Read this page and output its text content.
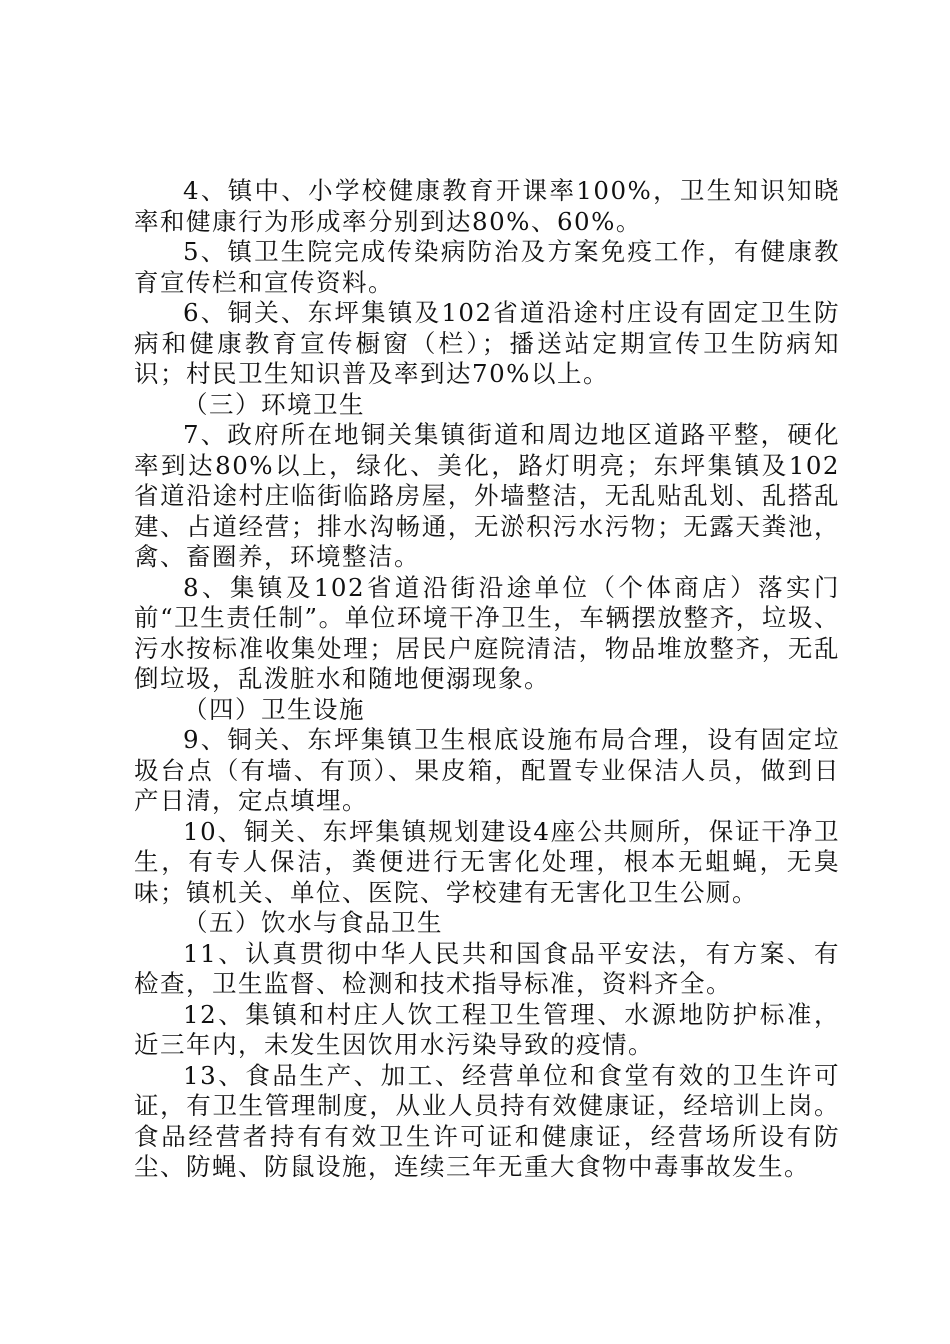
4、镇中、小学校健康教育开课率100%，卫生知识知晓率和健康行为形成率分别到达80%、60%。

5、镇卫生院完成传染病防治及方案免疫工作，有健康教育宣传栏和宣传资料。

6、铜关、东坪集镇及102省道沿途村庄设有固定卫生防病和健康教育宣传橱窗（栏）；播送站定期宣传卫生防病知识；村民卫生知识普及率到达70%以上。

（三）环境卫生

7、政府所在地铜关集镇街道和周边地区道路平整，硬化率到达80%以上，绿化、美化，路灯明亮；东坪集镇及102省道沿途村庄临街临路房屋，外墙整洁，无乱贴乱划、乱搭乱建、占道经营；排水沟畅通，无淤积污水污物；无露天粪池，禽、畜圈养，环境整洁。

8、集镇及102省道沿街沿途单位（个体商店）落实门前“卫生责任制”。单位环境干净卫生，车辆摆放整齐，垃圾、污水按标准收集处理；居民户庭院清洁，物品堆放整齐，无乱倒垃圾，乱泼脏水和随地便溺现象。

（四）卫生设施

9、铜关、东坪集镇卫生根底设施布局合理，设有固定垃圾台点（有墙、有顶）、果皮箱，配置专业保洁人员，做到日产日清，定点填埋。

10、铜关、东坪集镇规划建设4座公共厕所，保证干净卫生，有专人保洁，粪便进行无害化处理，根本无蛆蝇，无臭味；镇机关、单位、医院、学校建有无害化卫生公厕。

（五）饮水与食品卫生

11、认真贯彻中华人民共和国食品平安法，有方案、有检查，卫生监督、检测和技术指导标准，资料齐全。

12、集镇和村庄人饮工程卫生管理、水源地防护标准，近三年内，未发生因饮用水污染导致的疫情。

13、食品生产、加工、经营单位和食堂有效的卫生许可证，有卫生管理制度，从业人员持有效健康证，经培训上岗。食品经营者持有有效卫生许可证和健康证，经营场所设有防尘、防蝇、防鼠设施，连续三年无重大食物中毒事故发生。
